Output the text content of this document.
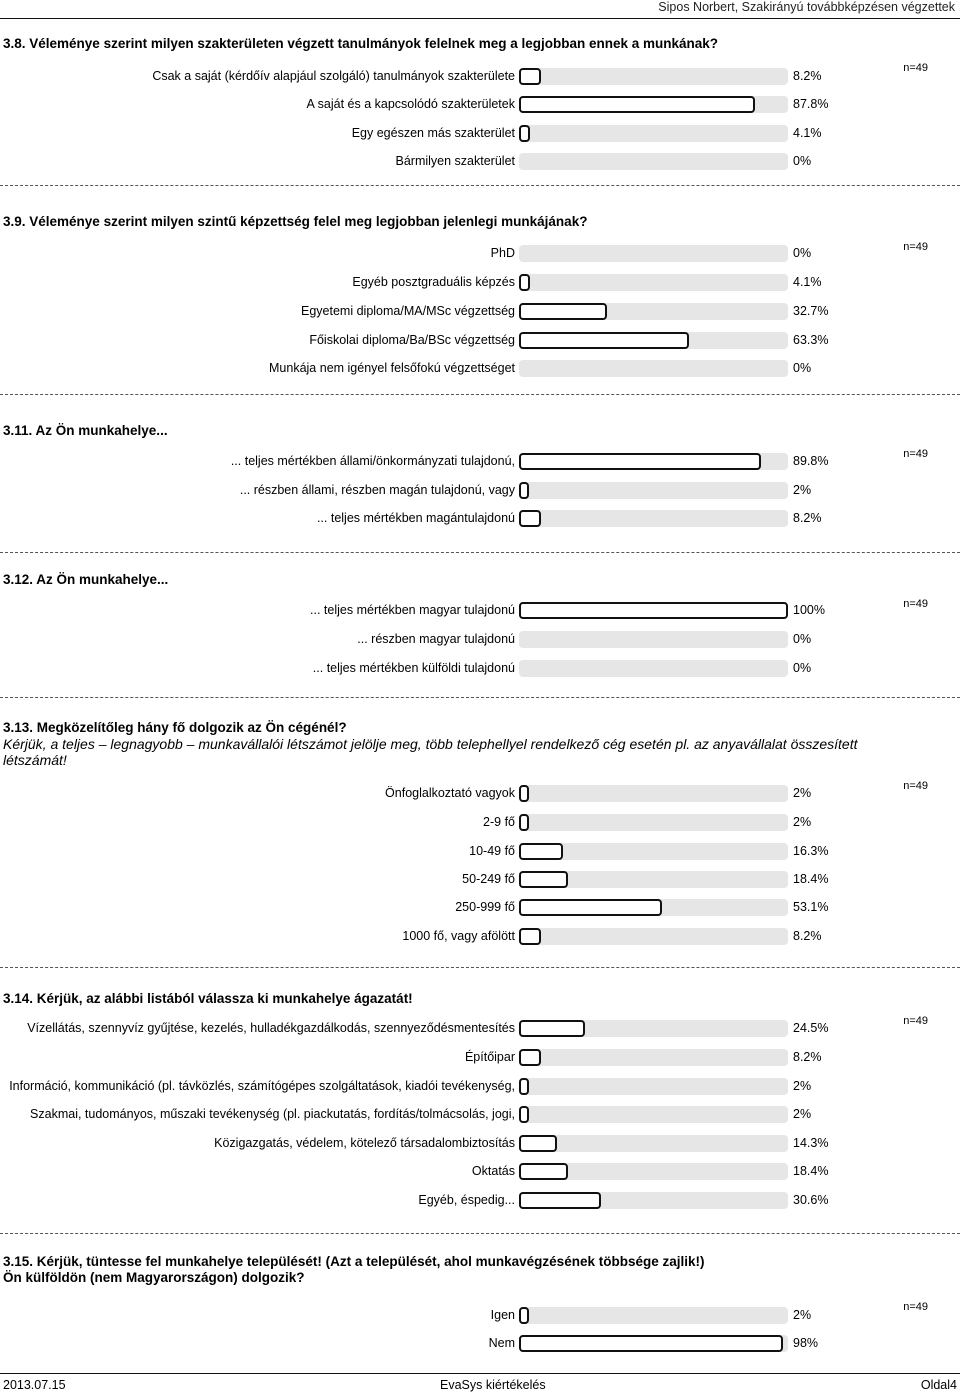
Sipos Norbert, Szakirányú továbbképzésen végzettek
3.8. Véleménye szerint milyen szakterületen végzett tanulmányok felelnek meg a legjobban ennek a munkának?
n=49
Csak a saját (kérdőív alapjául szolgáló) tanulmányok szakterülete	8.2%
A saját és a kapcsolódó szakterületek	87.8%
Egy egészen más szakterület	4.1%
Bármilyen szakterület	0%
3.9. Véleménye szerint milyen szintű képzettség felel meg legjobban jelenlegi munkájának?
n=49
PhD	0%
Egyéb posztgraduális képzés	4.1%
Egyetemi diploma/MA/MSc végzettség	32.7%
Főiskolai diploma/Ba/BSc végzettség	63.3%
Munkája nem igényel felsőfokú végzettséget	0%
3.11. Az Ön munkahelye...
n=49
... teljes mértékben állami/önkormányzati tulajdonú,	89.8%
... részben állami, részben magán tulajdonú, vagy	2%
... teljes mértékben magántulajdonú	8.2%
3.12. Az Ön munkahelye...
n=49
... teljes mértékben magyar tulajdonú	100%
... részben magyar tulajdonú	0%
... teljes mértékben külföldi tulajdonú	0%
3.13. Megközelítőleg hány fő dolgozik az Ön cégénél?
Kérjük, a teljes – legnagyobb – munkavállalói létszámot jelölje meg, több telephellyel rendelkező cég esetén pl. az anyavállalat összesített létszámát!
n=49
Önfoglalkoztató vagyok	2%
2-9 fő	2%
10-49 fő	16.3%
50-249 fő	18.4%
250-999 fő	53.1%
1000 fő, vagy afölött	8.2%
3.14. Kérjük, az alábbi listából válassza ki munkahelye ágazatát!
n=49
Vízellátás, szennyvíz gyűjtése, kezelés, hulladékgazdálkodás, szennyeződésmentesítés	24.5%
Építőipar	8.2%
Információ, kommunikáció (pl. távközlés, számítógépes szolgáltatások, kiadói tevékenység,	2%
Szakmai, tudományos, műszaki tevékenység (pl. piackutatás, fordítás/tolmácsolás, jogi,	2%
Közigazgatás, védelem, kötelező társadalombiztosítás	14.3%
Oktatás	18.4%
Egyéb, éspedig...	30.6%
3.15. Kérjük, tüntesse fel munkahelye települését! (Azt a települését, ahol munkavégzésének többsége zajlik!)
Ön külföldön (nem Magyarországon) dolgozik?
n=49
Igen	2%
Nem	98%
2013.07.15	EvaSys kiértékelés	Oldal4
